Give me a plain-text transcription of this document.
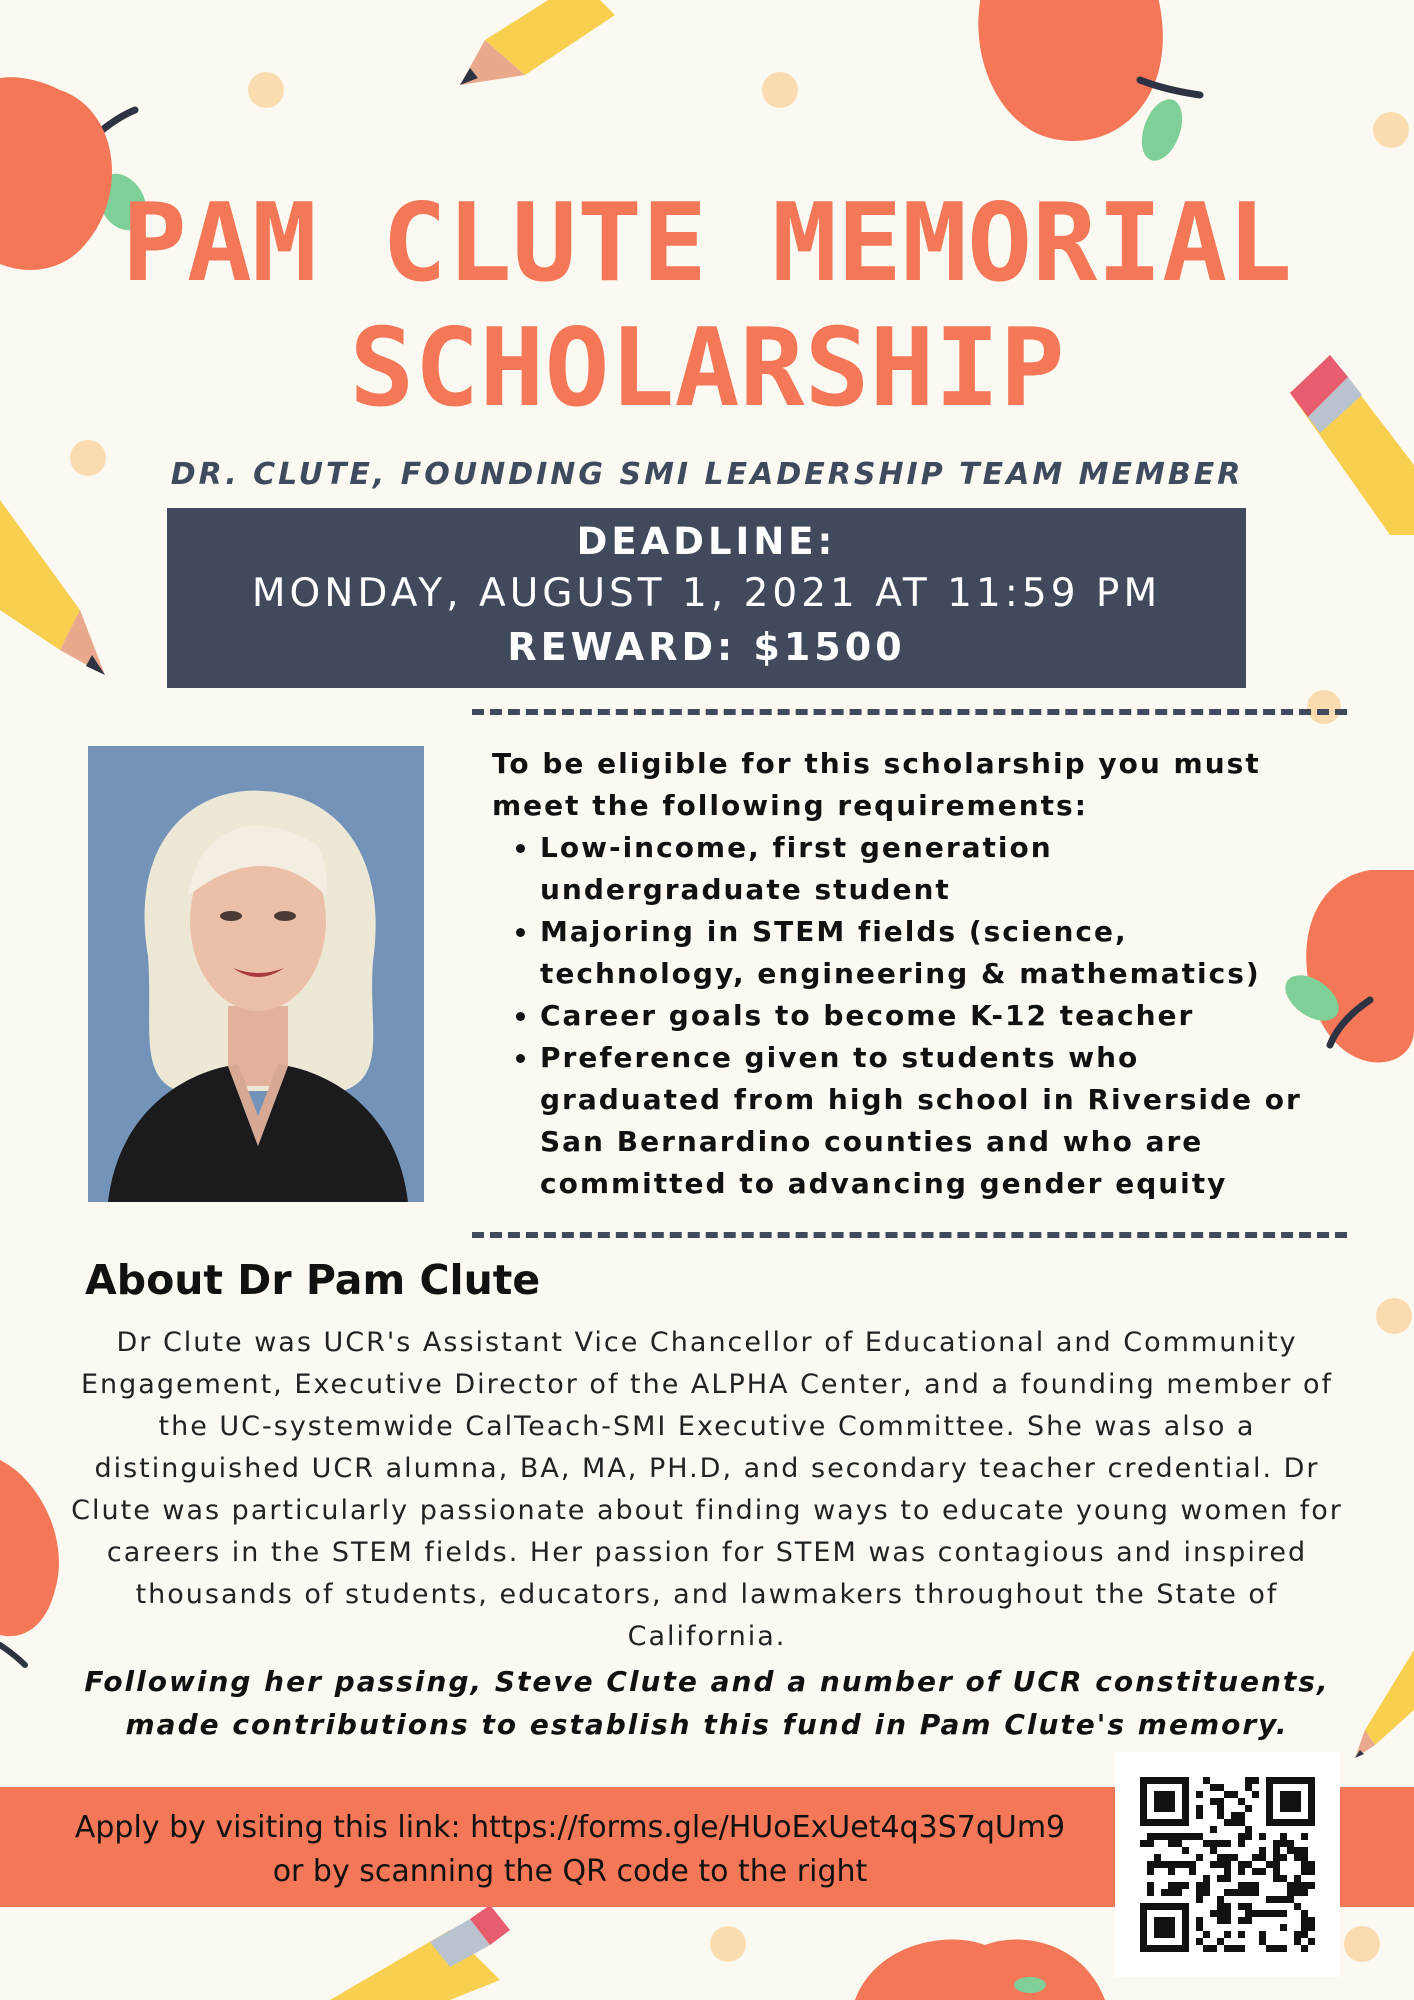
PAM CLUTE MEMORIAL
SCHOLARSHIP
DR. CLUTE, FOUNDING SMI LEADERSHIP TEAM MEMBER
DEADLINE:
MONDAY, AUGUST 1, 2021 AT 11:59 PM
REWARD: $1500
To be eligible for this scholarship you must meet the following requirements:
• Low-income, first generation undergraduate student
• Majoring in STEM fields (science, technology, engineering & mathematics)
• Career goals to become K-12 teacher
• Preference given to students who graduated from high school in Riverside or San Bernardino counties and who are committed to advancing gender equity
About Dr Pam Clute
Dr Clute was UCR's Assistant Vice Chancellor of Educational and Community Engagement, Executive Director of the ALPHA Center, and a founding member of the UC-systemwide CalTeach-SMI Executive Committee. She was also a distinguished UCR alumna, BA, MA, PH.D, and secondary teacher credential. Dr Clute was particularly passionate about finding ways to educate young women for careers in the STEM fields. Her passion for STEM was contagious and inspired thousands of students, educators, and lawmakers throughout the State of California.
Following her passing, Steve Clute and a number of UCR constituents, made contributions to establish this fund in Pam Clute's memory.
Apply by visiting this link: https://forms.gle/HUoExUet4q3S7qUm9
or by scanning the QR code to the right
